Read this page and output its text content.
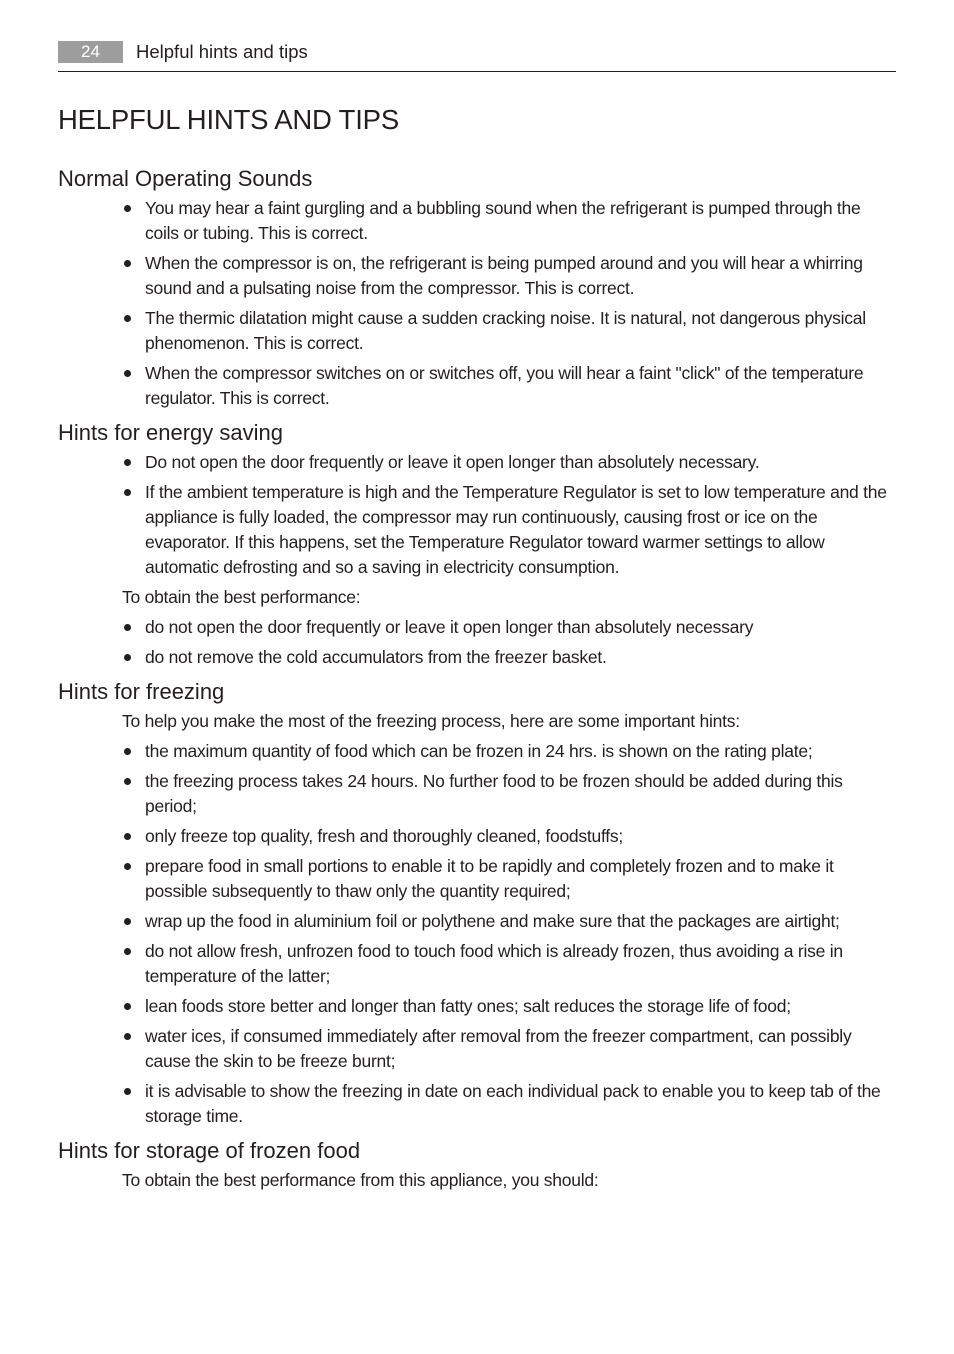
24	Helpful hints and tips
HELPFUL HINTS AND TIPS
Normal Operating Sounds
You may hear a faint gurgling and a bubbling sound when the refrigerant is pumped through the coils or tubing. This is correct.
When the compressor is on, the refrigerant is being pumped around and you will hear a whirring sound and a pulsating noise from the compressor. This is correct.
The thermic dilatation might cause a sudden cracking noise. It is natural, not dangerous physical phenomenon. This is correct.
When the compressor switches on or switches off, you will hear a faint "click" of the temperature regulator. This is correct.
Hints for energy saving
Do not open the door frequently or leave it open longer than absolutely necessary.
If the ambient temperature is high and the Temperature Regulator is set to low temperature and the appliance is fully loaded, the compressor may run continuously, causing frost or ice on the evaporator. If this happens, set the Temperature Regulator toward warmer settings to allow automatic defrosting and so a saving in electricity consumption.

To obtain the best performance:

do not open the door frequently or leave it open longer than absolutely necessary
do not remove the cold accumulators from the freezer basket.
Hints for freezing

To help you make the most of the freezing process, here are some important hints:

the maximum quantity of food which can be frozen in 24 hrs. is shown on the rating plate;
the freezing process takes 24 hours. No further food to be frozen should be added during this period;
only freeze top quality, fresh and thoroughly cleaned, foodstuffs;
prepare food in small portions to enable it to be rapidly and completely frozen and to make it possible subsequently to thaw only the quantity required;
wrap up the food in aluminium foil or polythene and make sure that the packages are airtight;
do not allow fresh, unfrozen food to touch food which is already frozen, thus avoiding a rise in temperature of the latter;
lean foods store better and longer than fatty ones; salt reduces the storage life of food;
water ices, if consumed immediately after removal from the freezer compartment, can possibly cause the skin to be freeze burnt;
it is advisable to show the freezing in date on each individual pack to enable you to keep tab of the storage time.
Hints for storage of frozen food

To obtain the best performance from this appliance, you should:
